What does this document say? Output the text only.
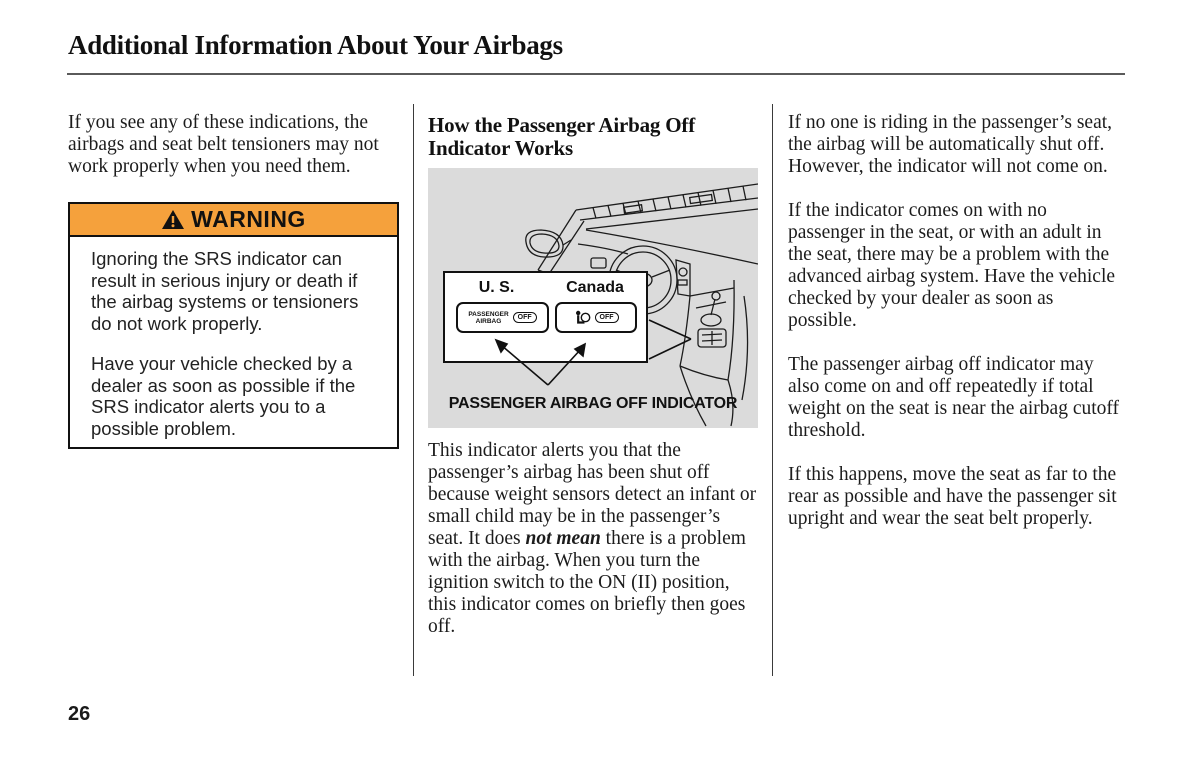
Additional Information About Your Airbags

If you see any of these indications, the airbags and seat belt tensioners may not work properly when you need them.

WARNING

Ignoring the SRS indicator can result in serious injury or death if the airbag systems or tensioners do not work properly.

Have your vehicle checked by a dealer as soon as possible if the SRS indicator alerts you to a possible problem.

How the Passenger Airbag Off Indicator Works
U. S.	Canada
PASSENGER
AIRBAG	OFF	OFF
PASSENGER AIRBAG OFF INDICATOR

This indicator alerts you that the passenger’s airbag has been shut off because weight sensors detect an infant or small child may be in the passenger’s seat. It does not mean there is a problem with the airbag. When you turn the ignition switch to the ON (II) position, this indicator comes on briefly then goes off.

If no one is riding in the passenger’s seat, the airbag will be automatically shut off. However, the indicator will not come on.

If the indicator comes on with no passenger in the seat, or with an adult in the seat, there may be a problem with the advanced airbag system. Have the vehicle checked by your dealer as soon as possible.

The passenger airbag off indicator may also come on and off repeatedly if total weight on the seat is near the airbag cutoff threshold.

If this happens, move the seat as far to the rear as possible and have the passenger sit upright and wear the seat belt properly.

26
